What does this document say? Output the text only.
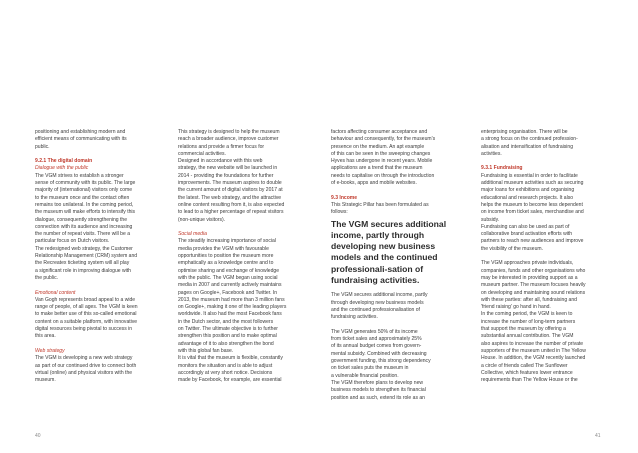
positioning and establishing modern and

efficient means of communicating with its

public.

9.2.1 The digital domain

Dialogue with the public

The VGM strives to establish a stronger

sense of community with its public. The large

majority of (international) visitors only come

to the museum once and the contact often

remains too unilateral. In the coming period,

the museum will make efforts to intensify this

dialogue, consequently strengthening the

connection with its audience and increasing

the number of repeat visits. There will be a

particular focus on Dutch visitors.

The redesigned web strategy, the Customer

Relationship Management (CRM) system and

the Recreatex ticketing system will all play

a significant role in improving dialogue with

the public.

Emotional content

Van Gogh represents broad appeal to a wide

range of people, of all ages. The VGM is keen

to make better use of this so-called emotional

content on a suitable platform, with innovative

digital resources being pivotal to success in

this area.

Web strategy

The VGM is developing a new web strategy

as part of our continued drive to connect both

virtual (online) and physical visitors with the

museum.

This strategy is designed to help the museum

reach a broader audience, improve customer

relations and provide a firmer focus for

commercial activities.

Designed in accordance with this web

strategy, the new website will be launched in

2014 - providing the foundations for further

improvements. The museum aspires to double

the current amount of digital visitors by 2017 at

the latest. The web strategy, and the attractive

online content resulting from it, is also expected

to lead to a higher percentage of repeat visitors

(non-unique visitors).

Social media

The steadily increasing importance of social

media provides the VGM with favourable

opportunities to position the museum more

emphatically as a knowledge centre and to

optimise sharing and exchange of knowledge

with the public. The VGM began using social

media in 2007 and currently actively maintains

pages on Google+, Facebook and Twitter. In

2013, the museum had more than 3 million fans

on Google+, making it one of the leading players

worldwide. It also had the most Facebook fans

in the Dutch sector, and the most followers

on Twitter. The ultimate objective is to further

strengthen this position and to make optimal

advantage of it to also strengthen the bond

with this global fan base.

It is vital that the museum is flexible, constantly

monitors the situation and is able to adjust

accordingly at very short notice. Decisions

made by Facebook, for example, are essential

factors affecting consumer acceptance and

behaviour and consequently, for the museum's

presence on the medium. An apt example

of this can be seen in the sweeping changes

Hyves has undergone in recent years. Mobile

applications are a trend that the museum

needs to capitalise on through the introduction

of e-books, apps and mobile websites.

9.3 Income

This Strategic Pillar has been formulated as

follows:

The VGM secures additional income, partly through developing new business models and the continued professionali-sation of fundraising activities.

The VGM secures additional income, partly

through developing new business models

and the continued professionalisation of

fundraising activities.

The VGM generates 50% of its income

from ticket sales and approximately 25%

of its annual budget comes from govern-

mental subsidy. Combined with decreasing

government funding, this strong dependency

on ticket sales puts the museum in

a vulnerable financial position.

The VGM therefore plans to develop new

business models to strengthen its financial

position and as such, extend its role as an

enterprising organisation. There will be

a strong focus on the continued profession-

alisation and intensification of fundraising

activities.

9.3.1 Fundraising

Fundraising is essential in order to facilitate

additional museum activities such as securing

major loans for exhibitions and organising

educational and research projects. It also

helps the museum to become less dependent

on income from ticket sales, merchandise and

subsidy.

Fundraising can also be used as part of

collaborative brand activation efforts with

partners to reach new audiences and improve

the visibility of the museum.

The VGM approaches private individuals,

companies, funds and other organisations who

may be interested in providing support as a

museum partner. The museum focuses heavily

on developing and maintaining sound relations

with these parties: after all, fundraising and

'friend raising' go hand in hand.

In the coming period, the VGM is keen to

increase the number of long-term partners

that support the museum by offering a

substantial annual contribution. The VGM

also aspires to increase the number of private

supporters of the museum united in The Yellow

House. In addition, the VGM recently launched

a circle of friends called The Sunflower

Collective, which features lower entrance

requirements than The Yellow House or the

40	41
